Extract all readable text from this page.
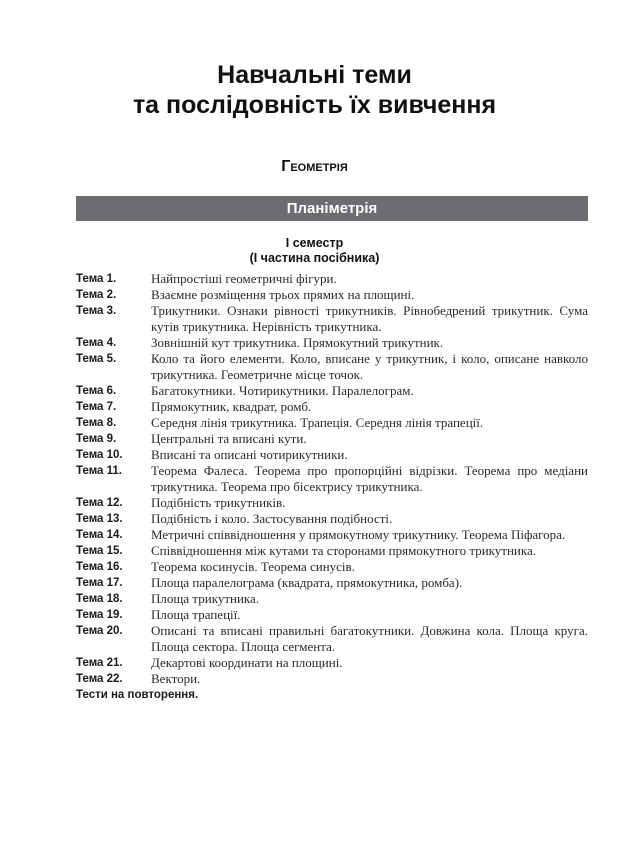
Навчальні теми
та послідовність їх вивчення
Геометрія
Планіметрія
І семестр
(І частина посібника)
Тема 1.	Найпростіші геометричні фігури.
Тема 2.	Взаємне розміщення трьох прямих на площині.
Тема 3.	Трикутники. Ознаки рівності трикутників. Рівнобедрений трикутник. Сума кутів трикутника. Нерівність трикутника.
Тема 4.	Зовнішній кут трикутника. Прямокутний трикутник.
Тема 5.	Коло та його елементи. Коло, вписане у трикутник, і коло, описане навколо трикутника. Геометричне місце точок.
Тема 6.	Багатокутники. Чотирикутники. Паралелограм.
Тема 7.	Прямокутник, квадрат, ромб.
Тема 8.	Середня лінія трикутника. Трапеція. Середня лінія трапеції.
Тема 9.	Центральні та вписані кути.
Тема 10.	Вписані та описані чотирикутники.
Тема 11.	Теорема Фалеса. Теорема про пропорційні відрізки. Теорема про медіани трикутника. Теорема про бісектрису трикутника.
Тема 12.	Подібність трикутників.
Тема 13.	Подібність і коло. Застосування подібності.
Тема 14.	Метричні співвідношення у прямокутному трикутнику. Теорема Піфагора.
Тема 15.	Співвідношення між кутами та сторонами прямокутного трикутника.
Тема 16.	Теорема косинусів. Теорема синусів.
Тема 17.	Площа паралелограма (квадрата, прямокутника, ромба).
Тема 18.	Площа трикутника.
Тема 19.	Площа трапеції.
Тема 20.	Описані та вписані правильні багатокутники. Довжина кола. Площа круга. Площа сектора. Площа сегмента.
Тема 21.	Декартові координати на площині.
Тема 22.	Вектори.
Тести на повторення.
